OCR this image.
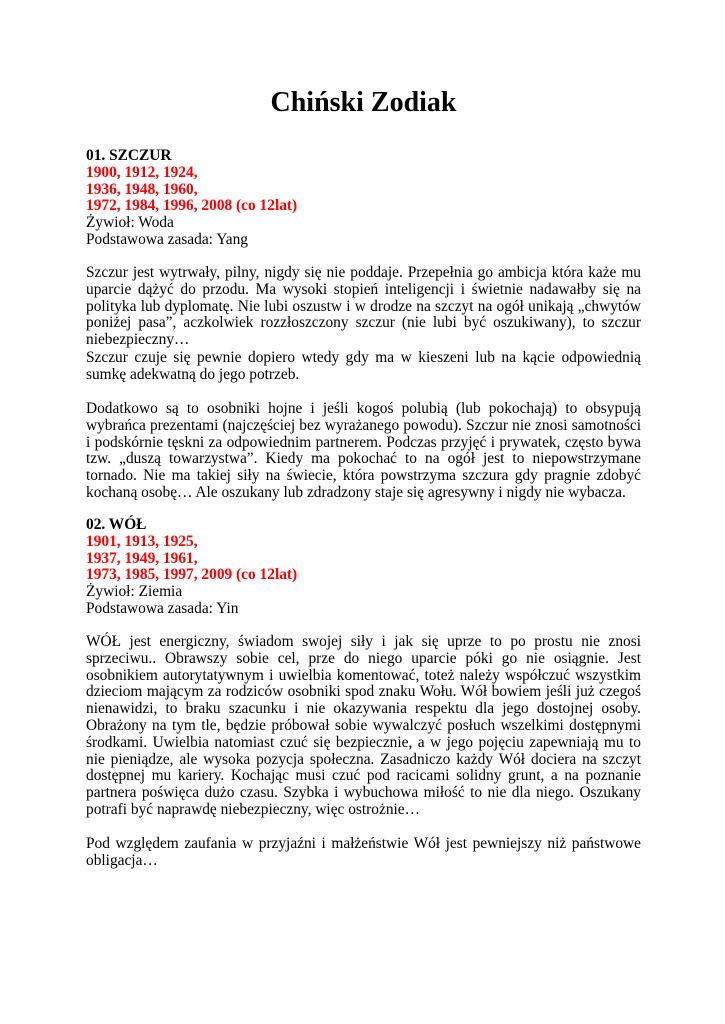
Chiński Zodiak

01. SZCZUR

1900, 1912, 1924,

1936, 1948, 1960,

1972, 1984, 1996, 2008 (co 12lat)

Żywioł: Woda

Podstawowa zasada: Yang

Szczur jest wytrwały, pilny, nigdy się nie poddaje. Przepełnia go ambicja która każe mu uparcie dążyć do przodu. Ma wysoki stopień inteligencji i świetnie nadawałby się na polityka lub dyplomatę. Nie lubi oszustw i w drodze na szczyt na ogół unikają „chwytów poniżej pasa”, aczkolwiek rozzłoszczony szczur (nie lubi być oszukiwany), to szczur niebezpieczny…

Szczur czuje się pewnie dopiero wtedy gdy ma w kieszeni lub na kącie odpowiednią sumkę adekwatną do jego potrzeb.

Dodatkowo są to osobniki hojne i jeśli kogoś polubią (lub pokochają) to obsypują wybrańca prezentami (najczęściej bez wyrażanego powodu). Szczur nie znosi samotności i podskórnie tęskni za odpowiednim partnerem. Podczas przyjęć i prywatek, często bywa tzw. „duszą towarzystwa”. Kiedy ma pokochać to na ogół jest to niepowstrzymane tornado. Nie ma takiej siły na świecie, która powstrzyma szczura gdy pragnie zdobyć kochaną osobę… Ale oszukany lub zdradzony staje się agresywny i nigdy nie wybacza.

02. WÓŁ

1901, 1913, 1925,

1937, 1949, 1961,

1973, 1985, 1997, 2009 (co 12lat)

Żywioł: Ziemia

Podstawowa zasada: Yin

WÓŁ jest energiczny, świadom swojej siły i jak się uprze to po prostu nie znosi sprzeciwu.. Obrawszy sobie cel, prze do niego uparcie póki go nie osiągnie. Jest osobnikiem autorytatywnym i uwielbia komentować, toteż należy współczuć wszystkim dzieciom mającym za rodziców osobniki spod znaku Wołu. Wół bowiem jeśli już czegoś nienawidzi, to braku szacunku i nie okazywania respektu dla jego dostojnej osoby. Obrażony na tym tle, będzie próbował sobie wywalczyć posłuch wszelkimi dostępnymi środkami. Uwielbia natomiast czuć się bezpiecznie, a w jego pojęciu zapewniają mu to nie pieniądze, ale wysoka pozycja społeczna. Zasadniczo każdy Wół dociera na szczyt dostępnej mu kariery. Kochając musi czuć pod racicami solidny grunt, a na poznanie partnera poświęca dużo czasu. Szybka i wybuchowa miłość to nie dla niego. Oszukany potrafi być naprawdę niebezpieczny, więc ostrożnie…

Pod względem zaufania w przyjaźni i małżeństwie Wół jest pewniejszy niż państwowe obligacja…
